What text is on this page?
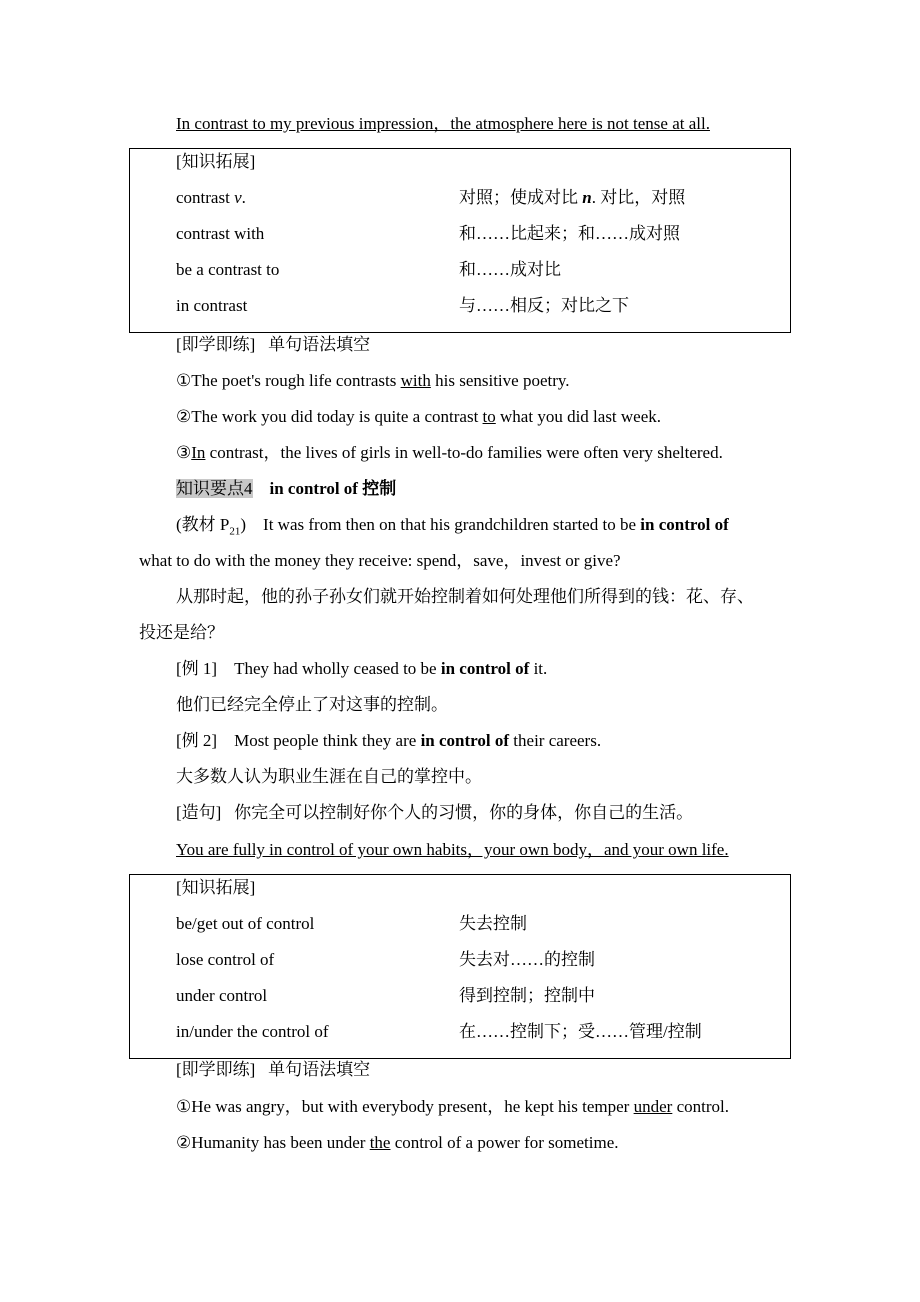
In contrast to my previous impression，the atmosphere here is not tense at all.
[知识拓展]
contrast v.	对照；使成对比 n. 对比，对照
contrast with	和……比起来；和……成对照
be a contrast to	和……成对比
in contrast	与……相反；对比之下
[即学即练] 单句语法填空
①The poet's rough life contrasts with his sensitive poetry.
②The work you did today is quite a contrast to what you did last week.
③In contrast，the lives of girls in well-to-do families were often very sheltered.
知识要点4 in control of 控制
(教材 $P_{21}$) It was from then on that his grandchildren started to be in control of
what to do with the money they receive: spend，save，invest or give?
从那时起，他的孙子孙女们就开始控制着如何处理他们所得到的钱：花、存、
投还是给？
[例 1] They had wholly ceased to be in control of it.
他们已经完全停止了对这事的控制。
[例 2] Most people think they are in control of their careers.
大多数人认为职业生涯在自己的掌控中。
[造句] 你完全可以控制好你个人的习惯，你的身体，你自己的生活。
You are fully in control of your own habits，your own body，and your own life.
[知识拓展]
be/get out of control	失去控制
lose control of	失去对……的控制
under control	得到控制；控制中
in/under the control of	在……控制下；受……管理/控制
[即学即练] 单句语法填空
①He was angry，but with everybody present，he kept his temper under control.
②Humanity has been under the control of a power for sometime.
